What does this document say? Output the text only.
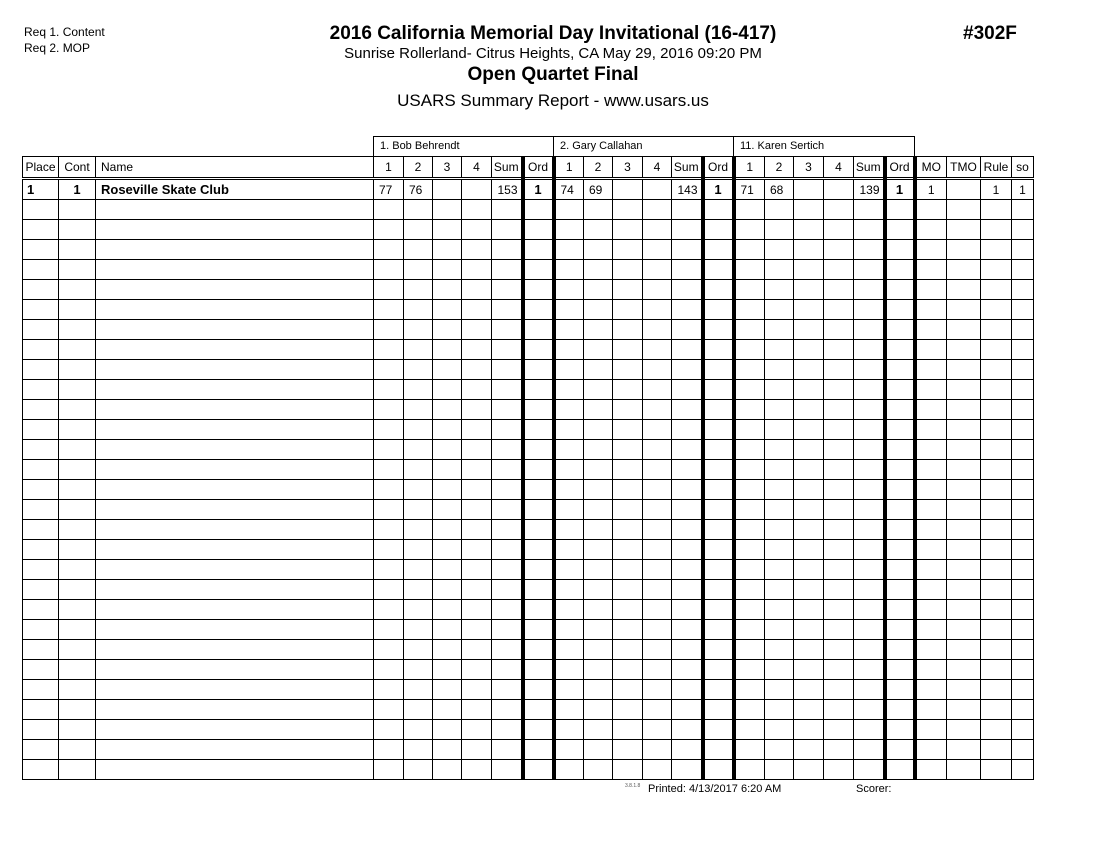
Req 1. Content
Req 2. MOP
2016 California Memorial Day Invitational (16-417)
Sunrise Rollerland- Citrus Heights, CA May 29, 2016 09:20 PM
Open Quartet Final
USARS Summary Report - www.usars.us
#302F
1. Bob Behrendt	2. Gary Callahan	11. Karen Sertich
Place	Cont	Name	1	2	3	4	Sum	Ord	1	2	3	4	Sum	Ord	1	2	3	4	Sum	Ord	MO	TMO	Rule	so
1	1	Roseville Skate Club	77	76			153	1	74	69			143	1	71	68			139	1	1		1	1

3.8.1.8 Printed: 4/13/2017 6:20 AM	Scorer:
